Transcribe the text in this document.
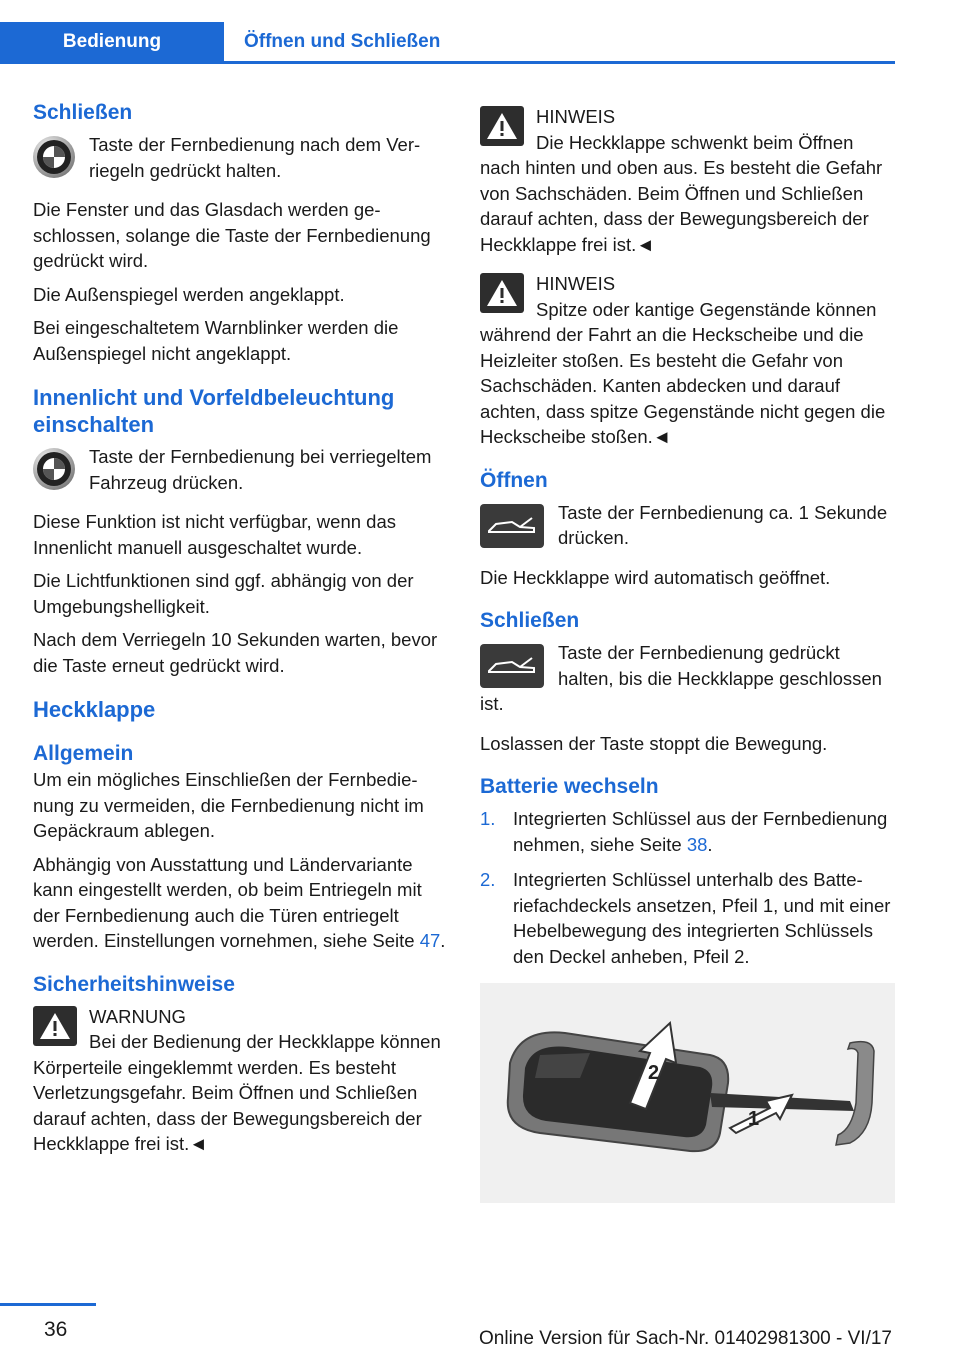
Bedienung	Öffnen und Schließen
Schließen
Taste der Fernbedienung nach dem Verriegeln gedrückt halten.

Die Fenster und das Glasdach werden geschlossen, solange die Taste der Fernbedienung gedrückt wird.

Die Außenspiegel werden angeklappt.

Bei eingeschaltetem Warnblinker werden die Außenspiegel nicht angeklappt.

Innenlicht und Vorfeldbeleuchtung einschalten
Taste der Fernbedienung bei verriegeltem Fahrzeug drücken.

Diese Funktion ist nicht verfügbar, wenn das Innenlicht manuell ausgeschaltet wurde.

Die Lichtfunktionen sind ggf. abhängig von der Umgebungshelligkeit.

Nach dem Verriegeln 10 Sekunden warten, bevor die Taste erneut gedrückt wird.

Heckklappe
Allgemein

Um ein mögliches Einschließen der Fernbedienung zu vermeiden, die Fernbedienung nicht im Gepäckraum ablegen.

Abhängig von Ausstattung und Ländervariante kann eingestellt werden, ob beim Entriegeln mit der Fernbedienung auch die Türen entriegelt werden. Einstellungen vornehmen, siehe Seite 47.

Sicherheitshinweise
WARNUNG
Bei der Bedienung der Heckklappe können Körperteile eingeklemmt werden. Es besteht Verletzungsgefahr. Beim Öffnen und Schließen darauf achten, dass der Bewegungsbereich der Heckklappe frei ist.◄
HINWEIS
Die Heckklappe schwenkt beim Öffnen nach hinten und oben aus. Es besteht die Gefahr von Sachschäden. Beim Öffnen und Schließen darauf achten, dass der Bewegungsbereich der Heckklappe frei ist.◄
HINWEIS
Spitze oder kantige Gegenstände können während der Fahrt an die Heckscheibe und die Heizleiter stoßen. Es besteht die Gefahr von Sachschäden. Kanten abdecken und darauf achten, dass spitze Gegenstände nicht gegen die Heckscheibe stoßen.◄
Öffnen
Taste der Fernbedienung ca. 1 Sekunde drücken.

Die Heckklappe wird automatisch geöffnet.

Schließen
Taste der Fernbedienung gedrückt halten, bis die Heckklappe geschlossen ist.

Loslassen der Taste stoppt die Bewegung.

Batterie wechseln
1. Integrierten Schlüssel aus der Fernbedienung nehmen, siehe Seite 38.
2. Integrierten Schlüssel unterhalb des Batteriefachdeckels ansetzen, Pfeil 1, und mit einer Hebelbewegung des integrierten Schlüssels den Deckel anheben, Pfeil 2.
1
2
36	Online Version für Sach-Nr. 01402981300 - VI/17
